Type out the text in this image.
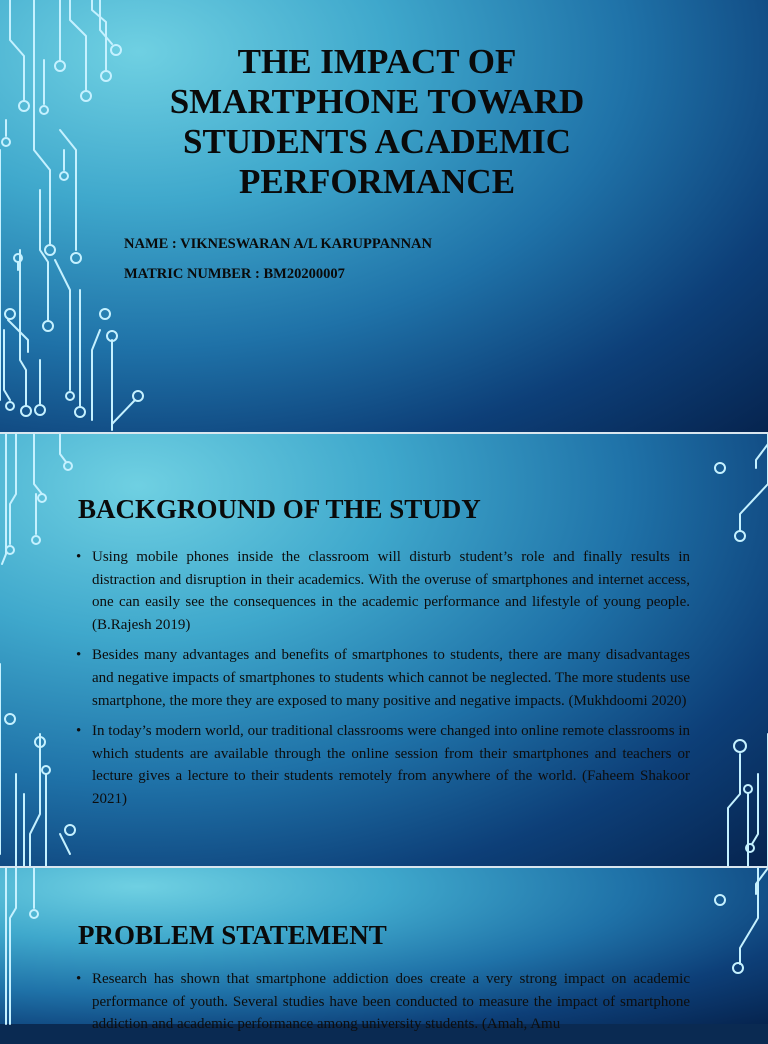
THE IMPACT OF SMARTPHONE TOWARD STUDENTS ACADEMIC PERFORMANCE

NAME : VIKNESWARAN A/L KARUPPANNAN

MATRIC NUMBER : BM20200007

BACKGROUND OF THE STUDY
• Using mobile phones inside the classroom will disturb student’s role and finally results in distraction and disruption in their academics. With the overuse of smartphones and internet access, one can easily see the consequences in the academic performance and lifestyle of young people. (B.Rajesh 2019)
• Besides many advantages and benefits of smartphones to students, there are many disadvantages and negative impacts of smartphones to students which cannot be neglected. The more students use smartphone, the more they are exposed to many positive and negative impacts. (Mukhdoomi 2020)
• In today’s modern world, our traditional classrooms were changed into online remote classrooms in which students are available through the online session from their smartphones and teachers or lecture gives a lecture to their students remotely from anywhere of the world. (Faheem Shakoor 2021)
PROBLEM STATEMENT
• Research has shown that smartphone addiction does create a very strong impact on academic performance of youth. Several studies have been conducted to measure the impact of smartphone addiction and academic performance among university students. (Amah, Amu
